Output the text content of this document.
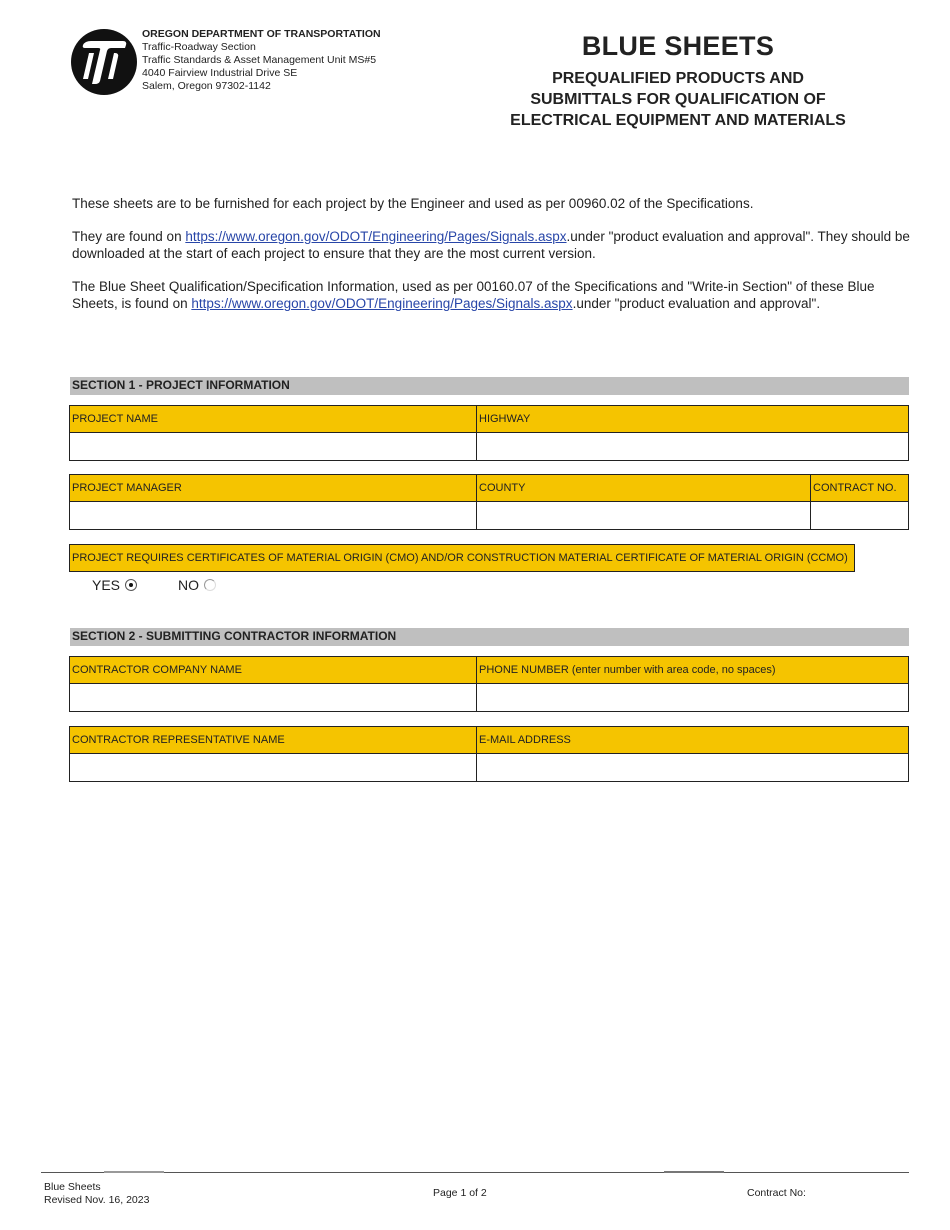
OREGON DEPARTMENT OF TRANSPORTATION
Traffic-Roadway Section
Traffic Standards & Asset Management Unit MS#5
4040 Fairview Industrial Drive SE
Salem, Oregon 97302-1142
BLUE SHEETS
PREQUALIFIED PRODUCTS AND
SUBMITTALS FOR QUALIFICATION OF
ELECTRICAL EQUIPMENT AND MATERIALS

These sheets are to be furnished for each project by the Engineer and used as per 00960.02 of the Specifications.

They are found on https://www.oregon.gov/ODOT/Engineering/Pages/Signals.aspx.under "product evaluation and approval". They should be downloaded at the start of each project to ensure that they are the most current version.

The Blue Sheet Qualification/Specification Information, used as per 00160.07 of the Specifications and "Write-in Section" of these Blue Sheets, is found on https://www.oregon.gov/ODOT/Engineering/Pages/Signals.aspx.under "product evaluation and approval".

SECTION 1 - PROJECT INFORMATION
PROJECT NAME	HIGHWAY
PROJECT MANAGER	COUNTY	CONTRACT NO.
PROJECT REQUIRES CERTIFICATES OF MATERIAL ORIGIN (CMO) AND/OR CONSTRUCTION MATERIAL CERTIFICATE OF MATERIAL ORIGIN (CCMO)
YES	NO
SECTION 2 - SUBMITTING CONTRACTOR INFORMATION
CONTRACTOR COMPANY NAME	PHONE NUMBER (enter number with area code, no spaces)
CONTRACTOR REPRESENTATIVE NAME	E-MAIL ADDRESS
Blue Sheets
Revised Nov. 16, 2023
Page 1 of 2	Contract No:
